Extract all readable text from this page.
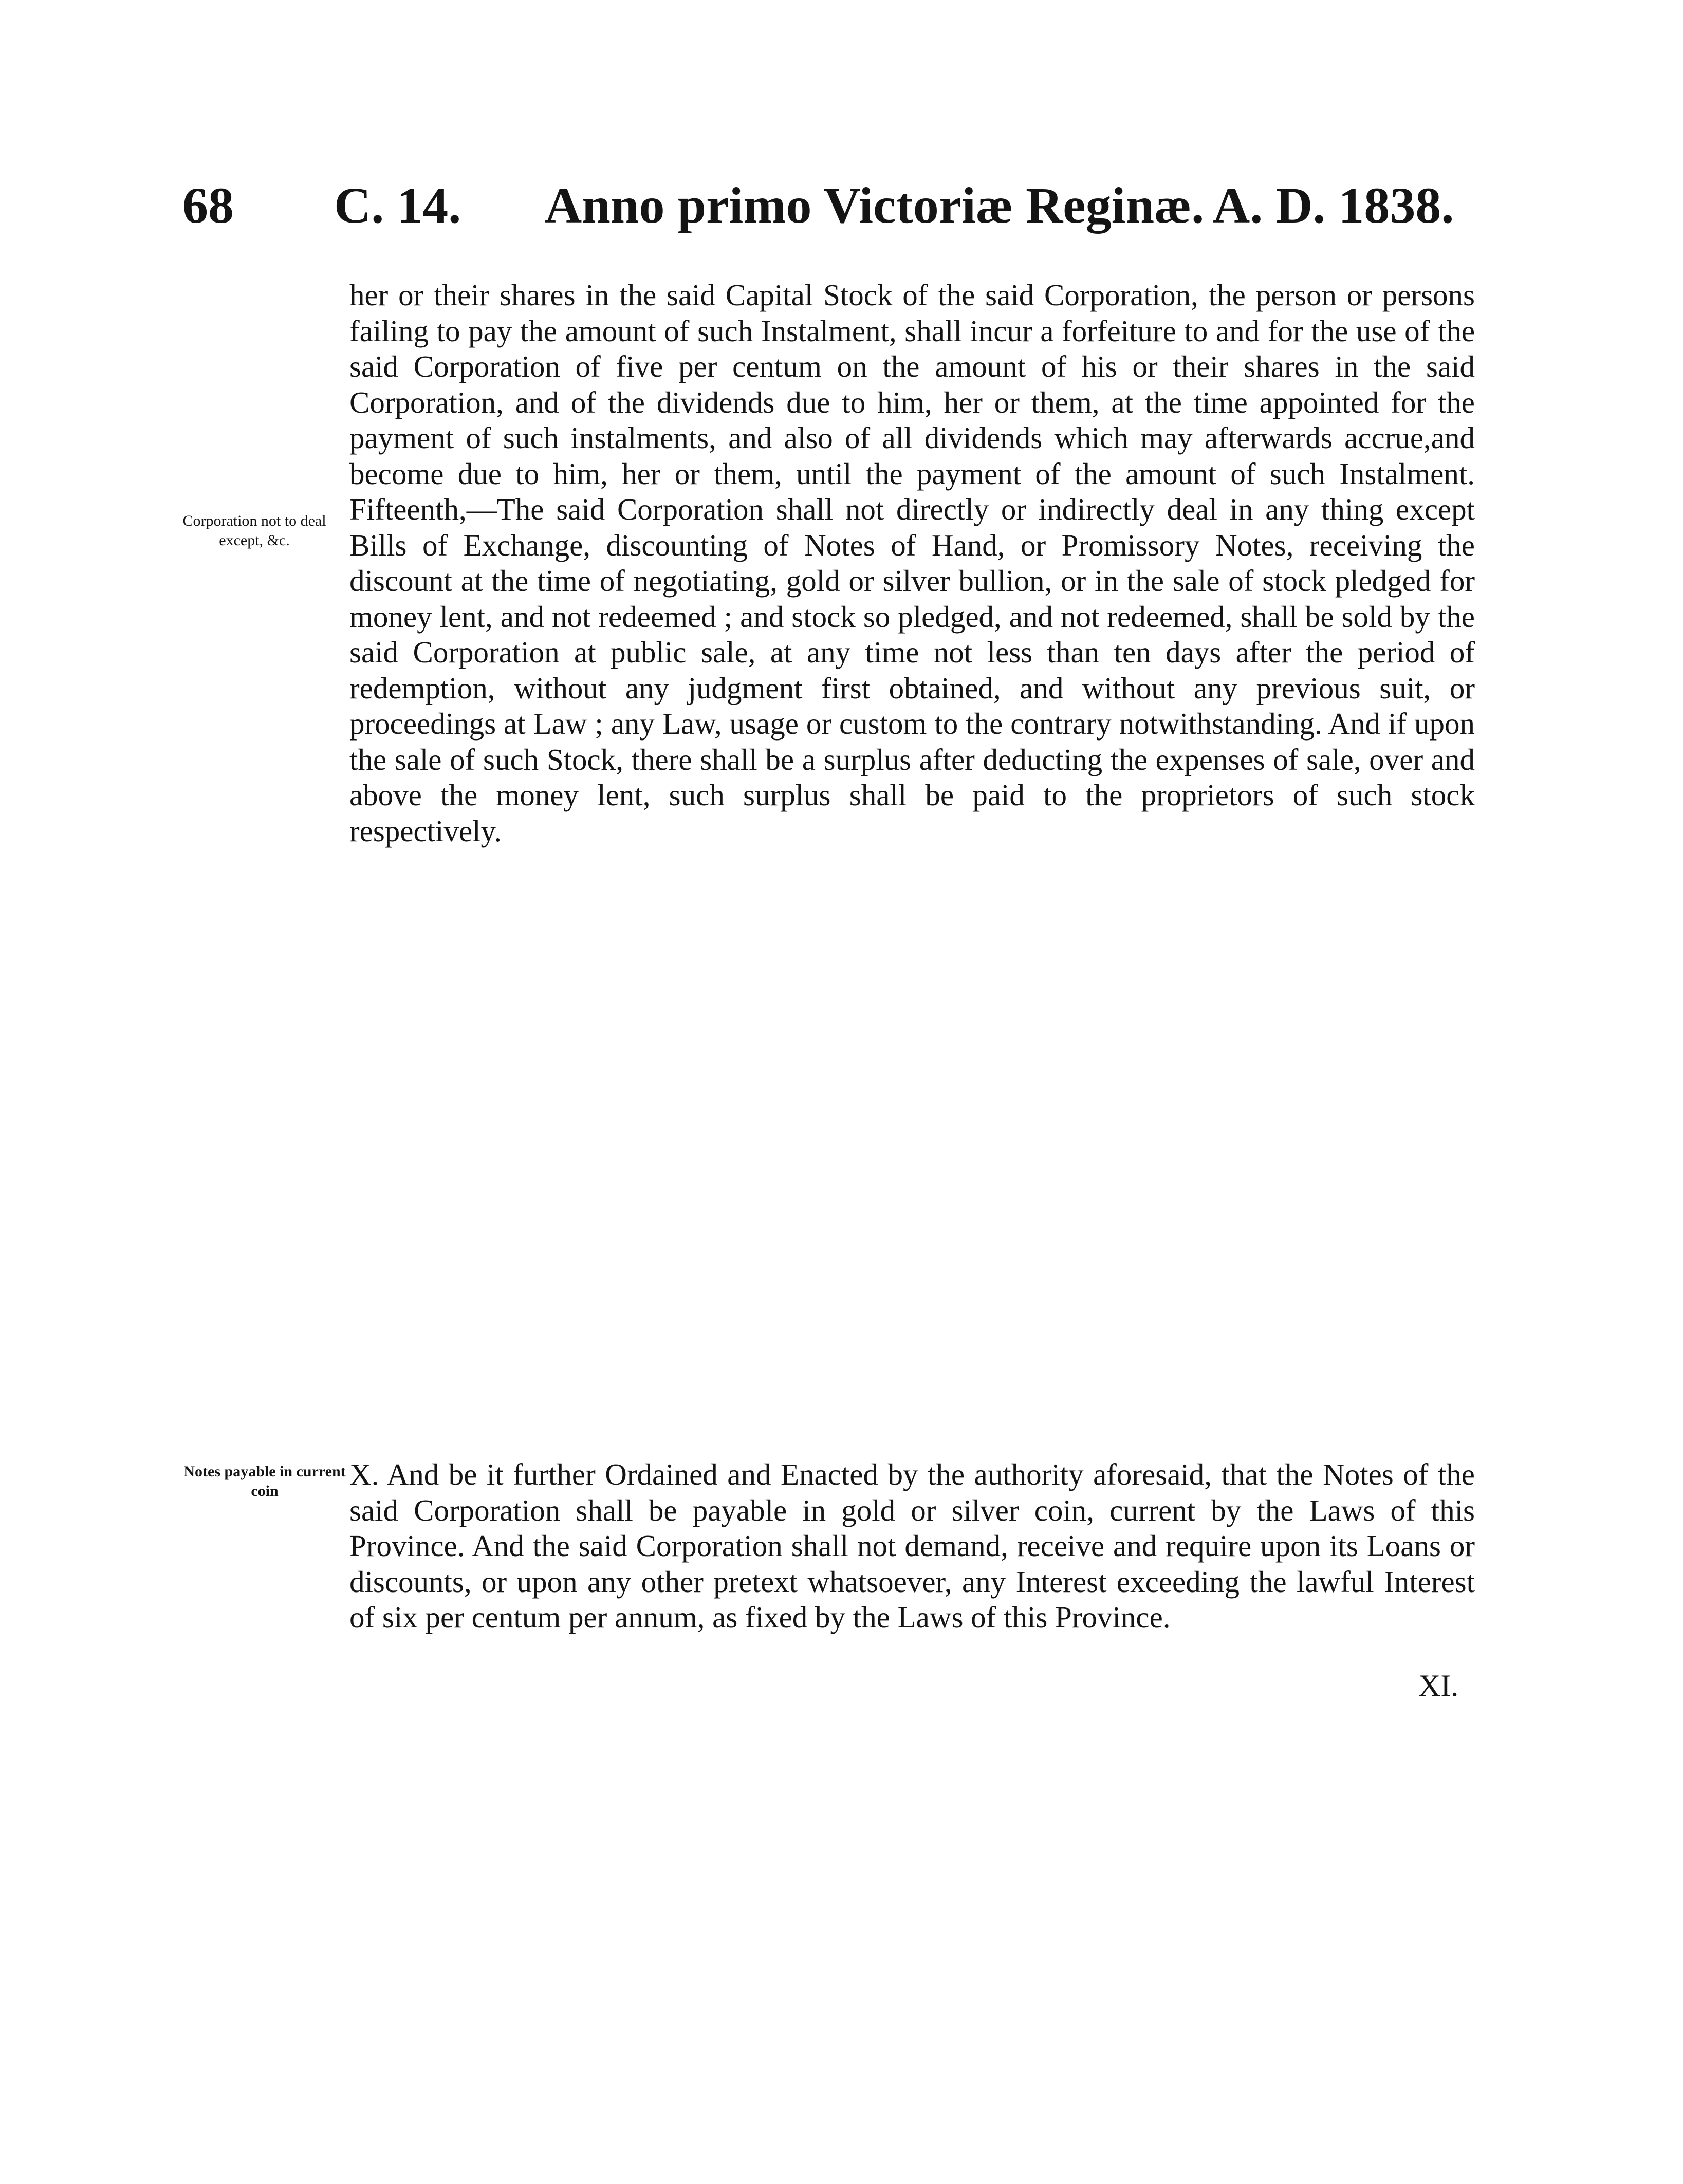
68 C. 14. Anno primo Victoriæ Reginæ. A. D. 1838.

Corporation not to deal except, &c.

her or their shares in the said Capital Stock of the said Corporation, the person or persons failing to pay the amount of such Instalment, shall incur a forfeiture to and for the use of the said Corporation of five per centum on the amount of his or their shares in the said Corporation, and of the dividends due to him, her or them, at the time appointed for the payment of such instalments, and also of all dividends which may afterwards accrue,and become due to him, her or them, until the payment of the amount of such Instalment. Fifteenth,—The said Corporation shall not directly or indirectly deal in any thing except Bills of Exchange, discounting of Notes of Hand, or Promissory Notes, receiving the discount at the time of negotiating, gold or silver bullion, or in the sale of stock pledged for money lent, and not redeemed ; and stock so pledged, and not redeemed, shall be sold by the said Corporation at public sale, at any time not less than ten days after the period of redemption, without any judgment first obtained, and without any previous suit, or proceedings at Law ; any Law, usage or custom to the contrary notwithstanding. And if upon the sale of such Stock, there shall be a surplus after deducting the expenses of sale, over and above the money lent, such surplus shall be paid to the proprietors of such stock respectively.

Notes payable in current coin	X. And be it further Ordained and Enacted by the authority aforesaid, that the Notes of the said Corporation shall be payable in gold or silver coin, current by the Laws of this Province. And the said Corporation shall not demand, receive and require upon its Loans or discounts, or upon any other pretext whatsoever, any Interest exceeding the lawful Interest of six per centum per annum, as fixed by the Laws of this Province.

XI.
